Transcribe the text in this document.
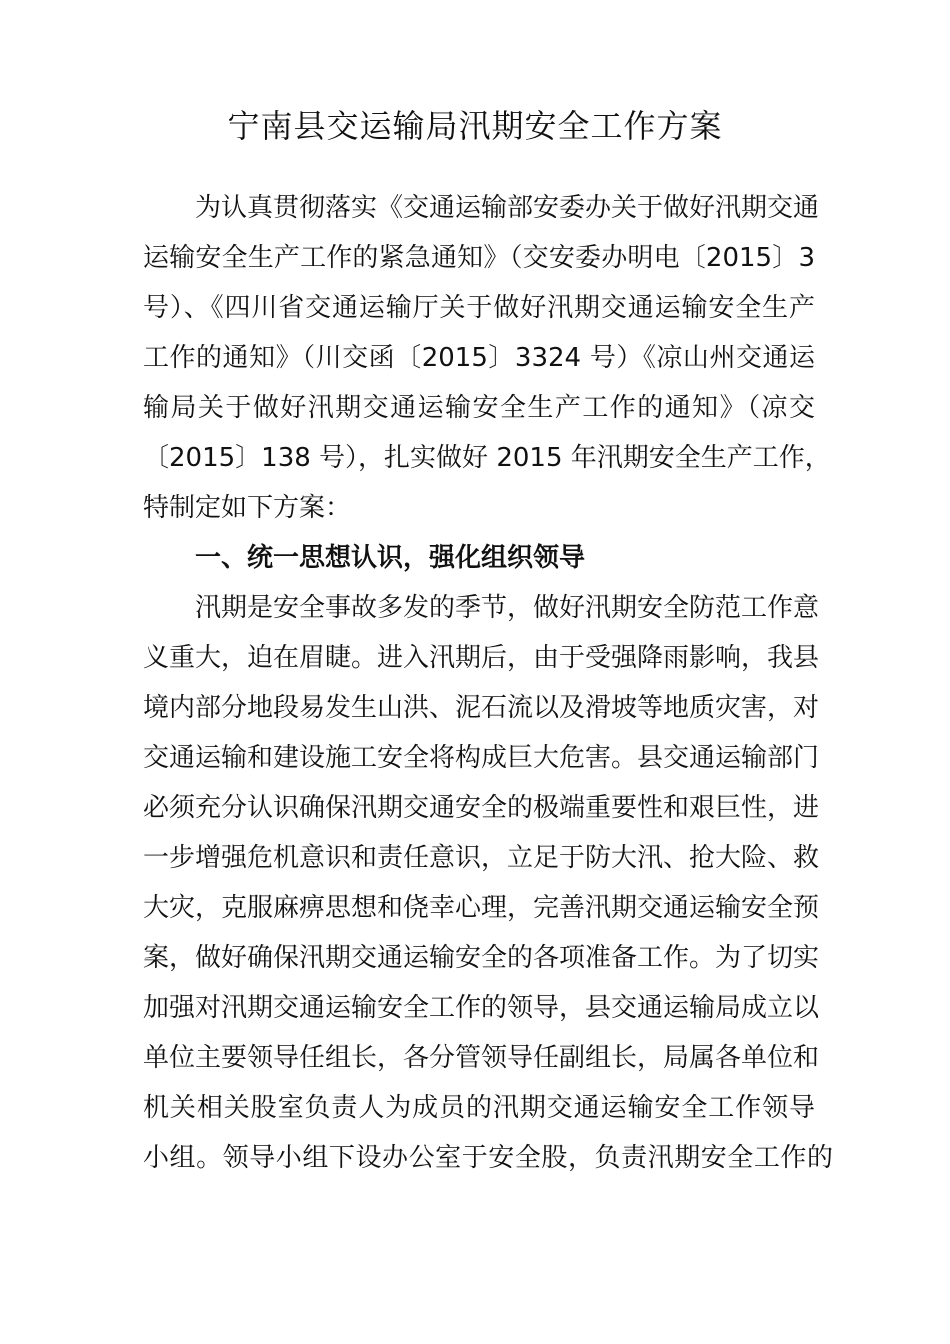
宁南县交运输局汛期安全工作方案

为认真贯彻落实《交通运输部安委办关于做好汛期交通

运输安全生产工作的紧急通知》（交安委办明电〔2015〕3

号）、《四川省交通运输厅关于做好汛期交通运输安全生产

工作的通知》（川交函〔2015〕3324 号）《凉山州交通运

输局关于做好汛期交通运输安全生产工作的通知》（凉交

〔2015〕138 号），扎实做好 2015 年汛期安全生产工作，

特制定如下方案：

一、统一思想认识，强化组织领导

汛期是安全事故多发的季节，做好汛期安全防范工作意

义重大，迫在眉睫。进入汛期后，由于受强降雨影响，我县

境内部分地段易发生山洪、泥石流以及滑坡等地质灾害，对

交通运输和建设施工安全将构成巨大危害。县交通运输部门

必须充分认识确保汛期交通安全的极端重要性和艰巨性，进

一步增强危机意识和责任意识，立足于防大汛、抢大险、救

大灾，克服麻痹思想和侥幸心理，完善汛期交通运输安全预

案，做好确保汛期交通运输安全的各项准备工作。为了切实

加强对汛期交通运输安全工作的领导，县交通运输局成立以

单位主要领导任组长，各分管领导任副组长，局属各单位和

机关相关股室负责人为成员的汛期交通运输安全工作领导

小组。领导小组下设办公室于安全股，负责汛期安全工作的
